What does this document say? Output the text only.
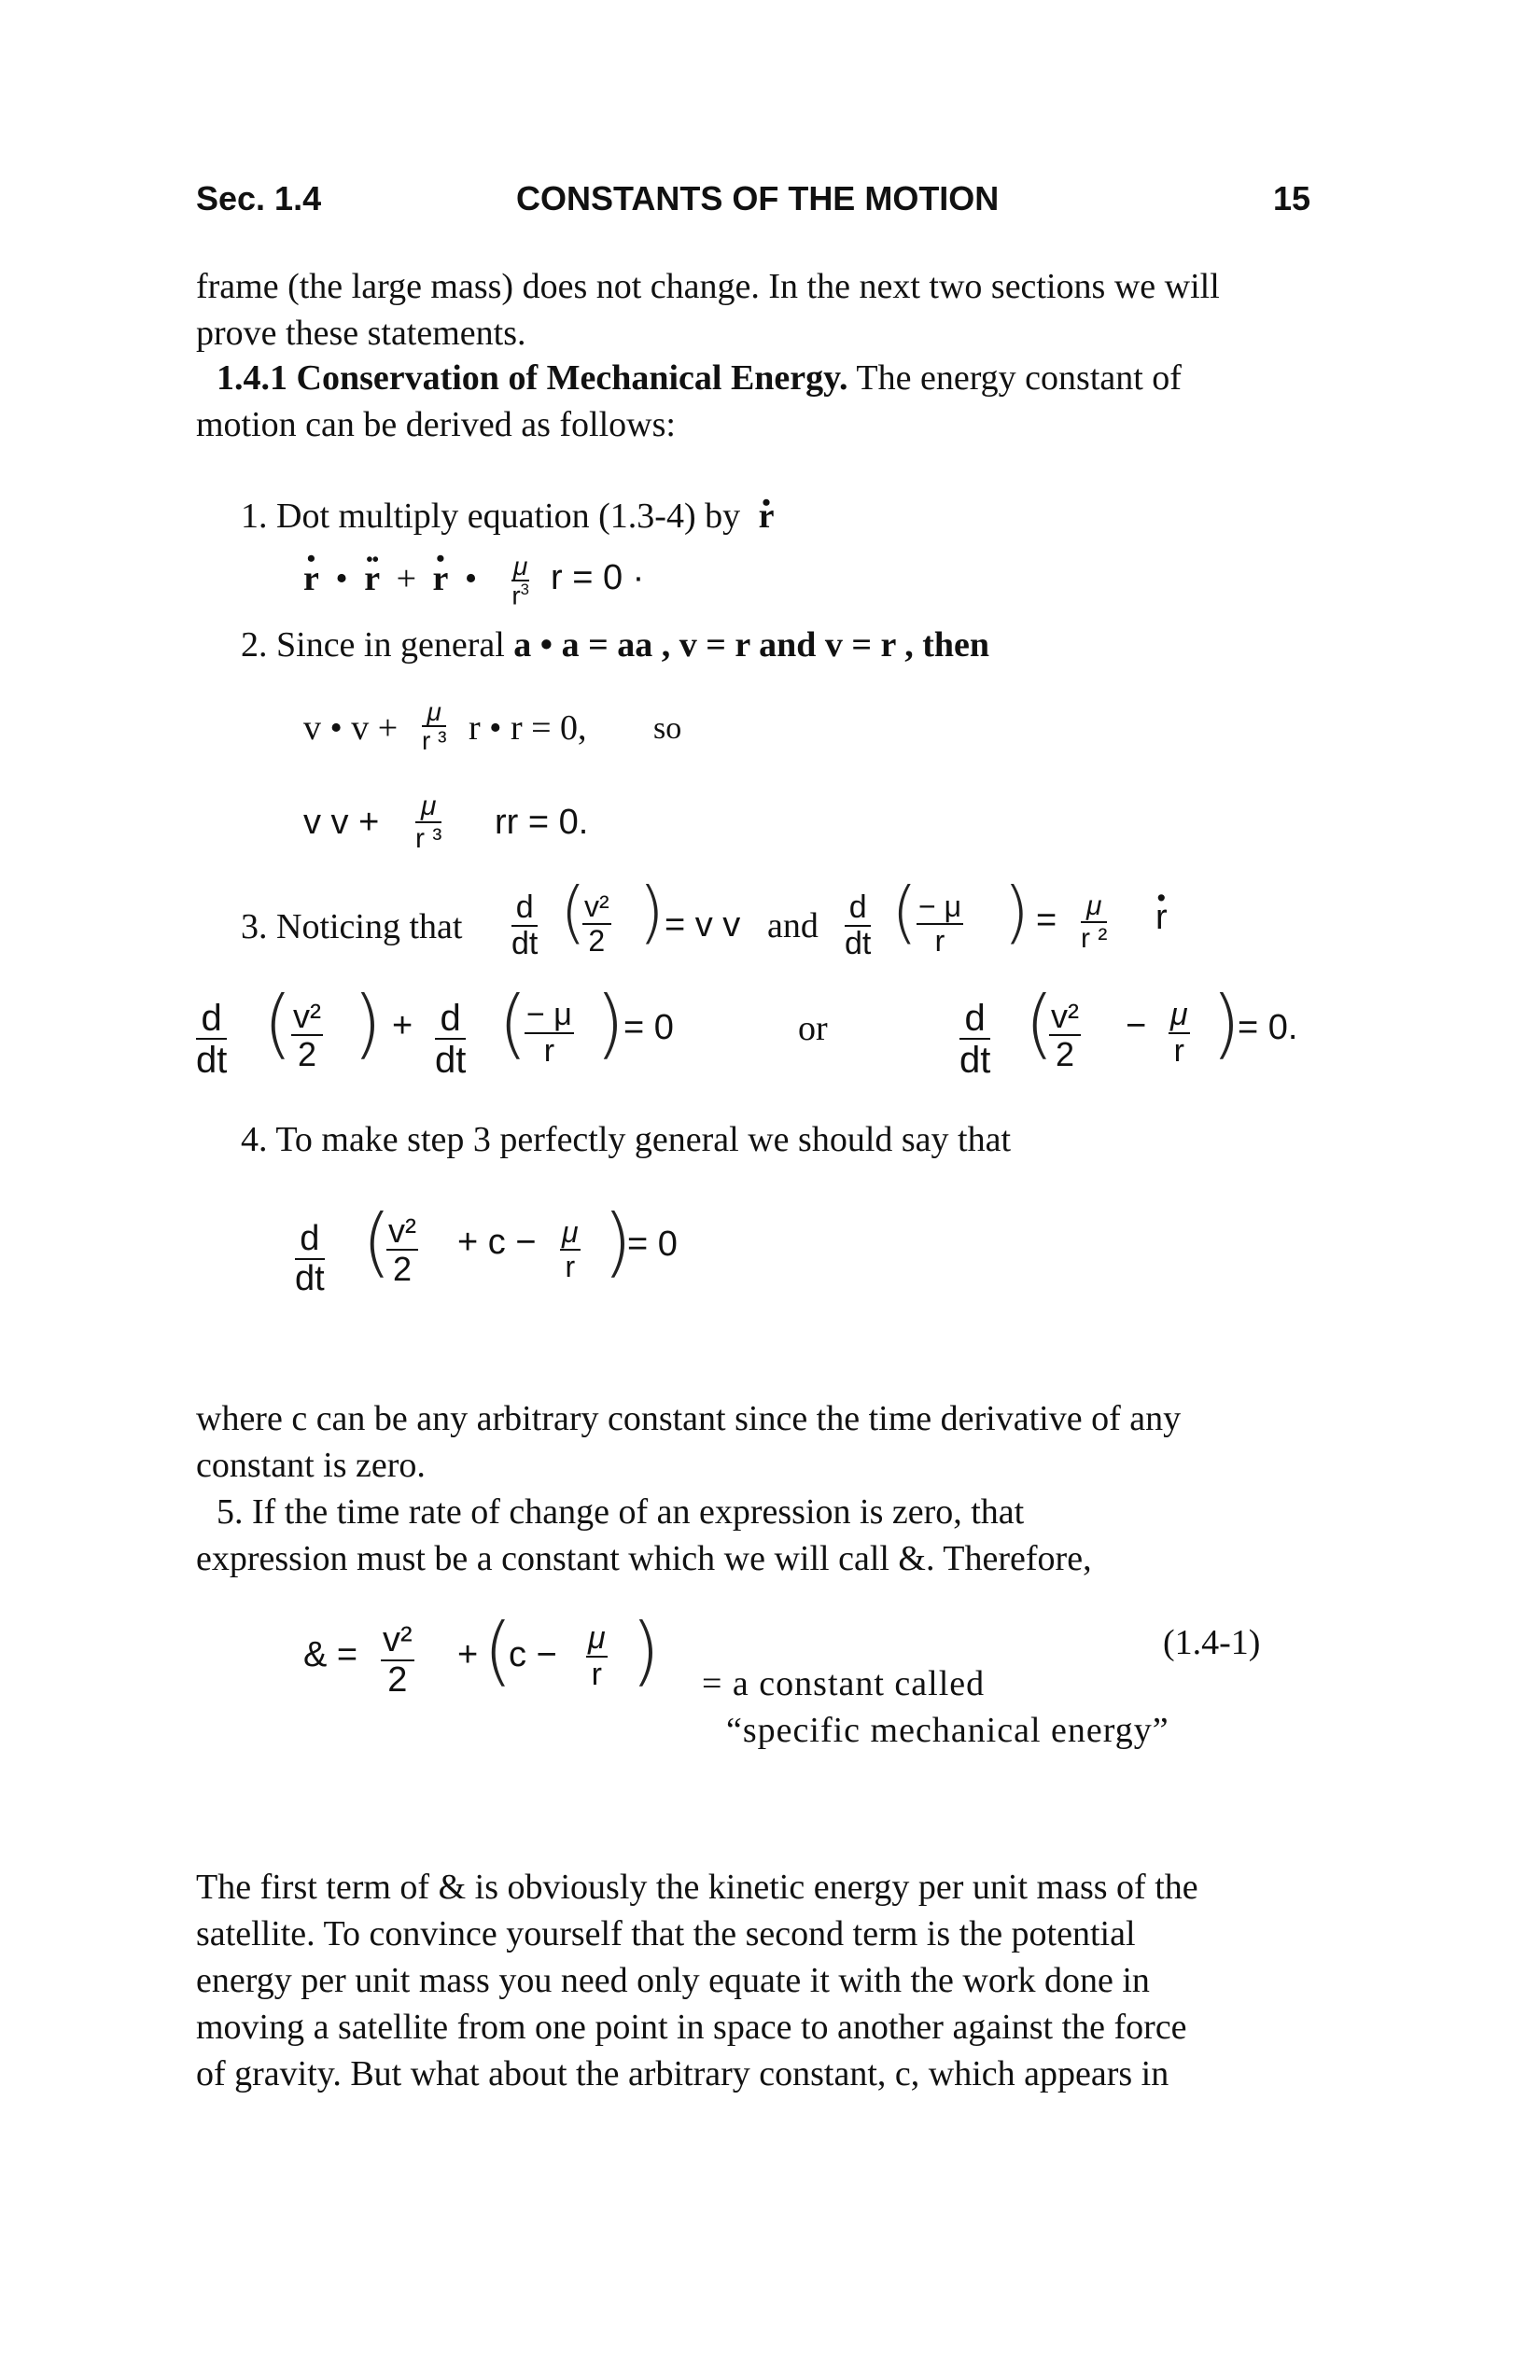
Sec. 1.4	CONSTANTS OF THE MOTION	15
frame (the large mass) does not change. In the next two sections we will
prove these statements.
1.4.1 Conservation of Mechanical Energy. The energy constant of
motion can be derived as follows:
1. Dot multiply equation (1.3-4) by r •
r • • r •• + r • • $\frac{\mu}{r^3}$ r = 0 ·
2. Since in general a • a = aa , v = r and v = r , then
v • $v + \frac{\mu}{\text{r ³}}$ r • r = 0, so
v $v + \frac{\mu}{\text{r ³}}$ rr = 0.
3. Noticing that $\frac{d}{dt}$ (
$\frac{\text{v²}}{2}$ ) = v v and $\frac{d}{dt}$ (
$\frac{- \mu}{r}$ ) = $\frac{\mu}{\text{r ²}}$ r •
$\frac{d}{dt}$ (
$\frac{\text{v²}}{2}$ ) + $\frac{d}{dt}$ (
$\frac{- \mu}{r}$ )
= 0	or	$\frac{d}{dt}$ (
$\frac{\text{v²}}{2} - \frac{\mu}{r}$ )
= 0.
4. To make step 3 perfectly general we should say that
$\frac{d}{dt}$ (
$\frac{\text{v²}}{2} + c - \frac{\mu}{r}$ )
= 0
where c can be any arbitrary constant since the time derivative of any
constant is zero.
5. If the time rate of change of an expression is zero, that
expression must be a constant which we will call &. Therefore,
& = $\frac{\text{v²}}{2}$ + (
$c - \frac{\mu}{r}$ ) = a constant called
“specific mechanical energy”
(1.4-1)
The first term of & is obviously the kinetic energy per unit mass of the
satellite. To convince yourself that the second term is the potential
energy per unit mass you need only equate it with the work done in
moving a satellite from one point in space to another against the force
of gravity. But what about the arbitrary constant, c, which appears in
